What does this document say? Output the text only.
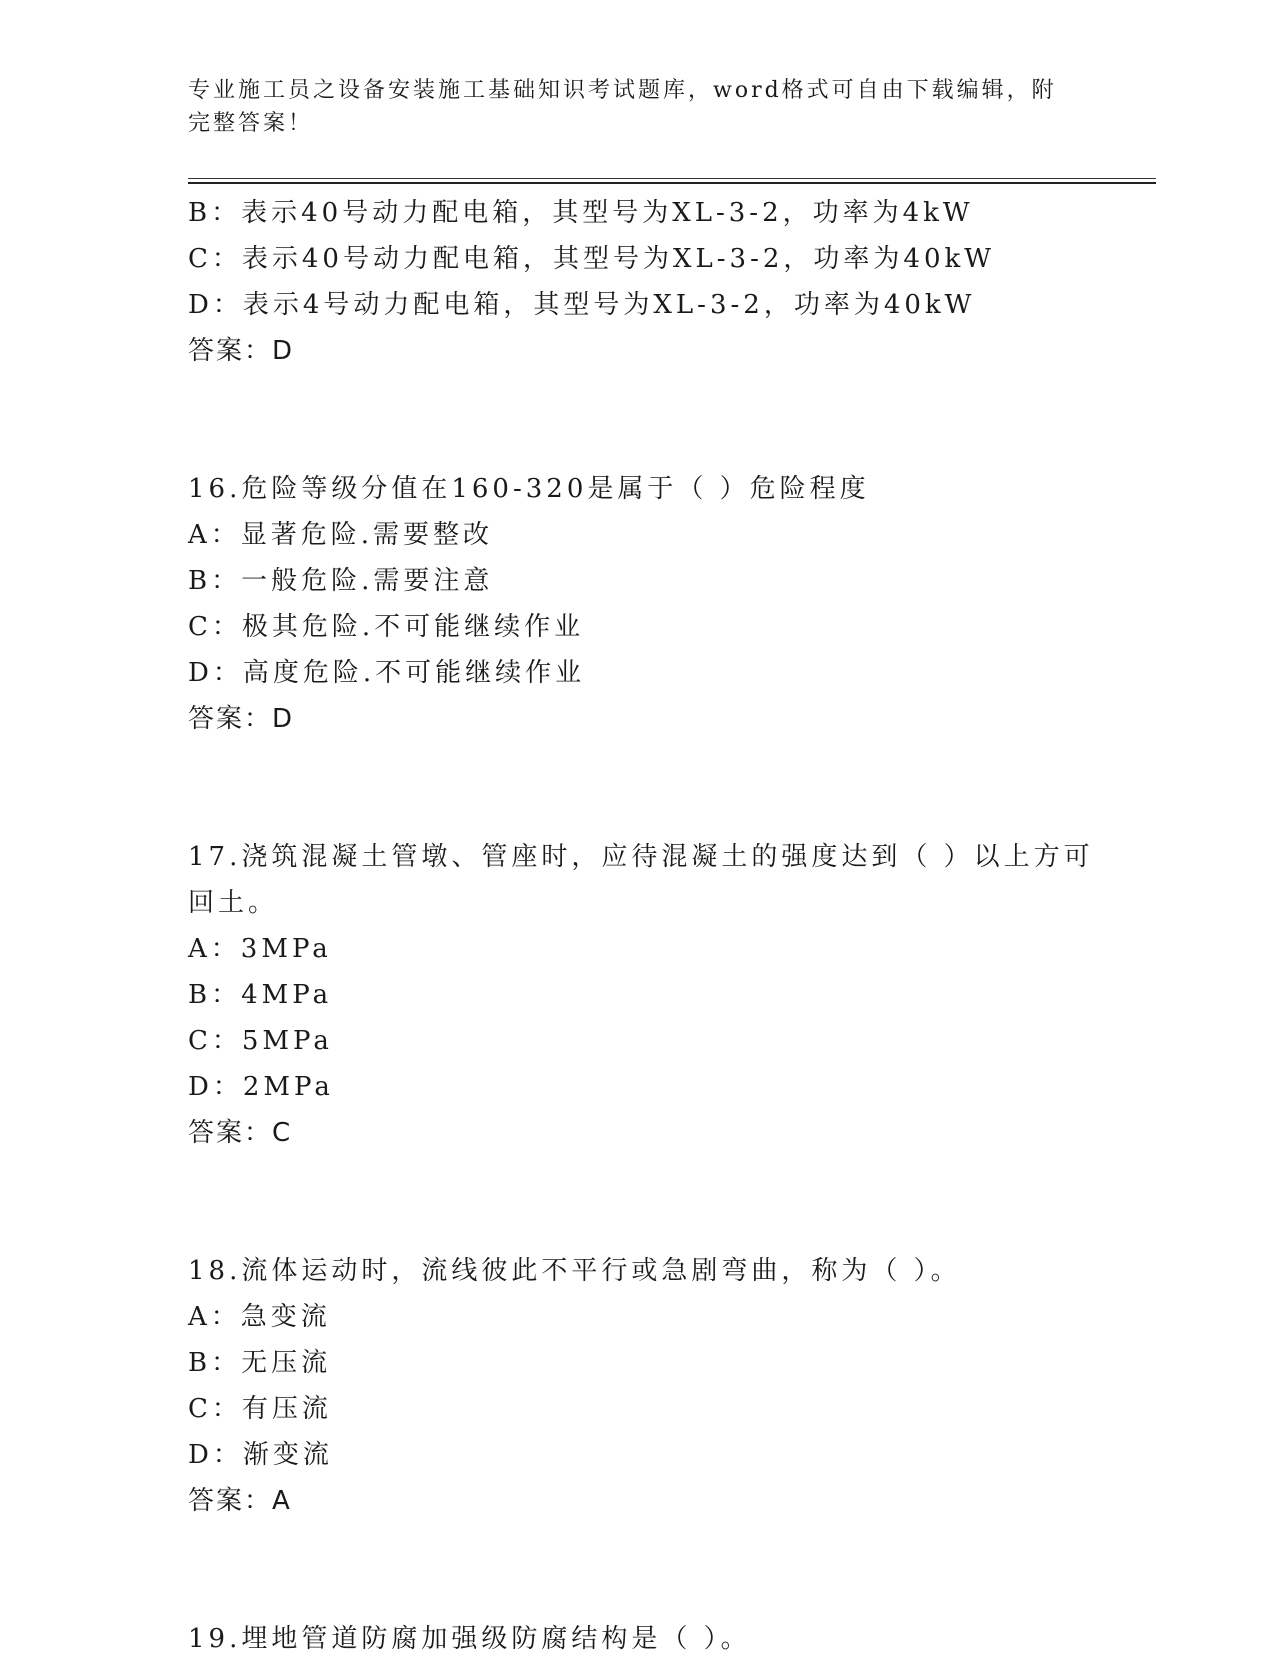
专业施工员之设备安装施工基础知识考试题库，word格式可自由下载编辑，附完整答案！
B：表示40号动力配电箱，其型号为XL-3-2，功率为4kW
C：表示40号动力配电箱，其型号为XL-3-2，功率为40kW
D：表示4号动力配电箱，其型号为XL-3-2，功率为40kW
答案：D
16.危险等级分值在160-320是属于（ ）危险程度
A：显著危险.需要整改
B：一般危险.需要注意
C：极其危险.不可能继续作业
D：高度危险.不可能继续作业
答案：D
17.浇筑混凝土管墩、管座时，应待混凝土的强度达到（ ）以上方可
回土。
A：3MPa
B：4MPa
C：5MPa
D：2MPa
答案：C
18.流体运动时，流线彼此不平行或急剧弯曲，称为（ ）。
A：急变流
B：无压流
C：有压流
D：渐变流
答案：A
19.埋地管道防腐加强级防腐结构是（ ）。
